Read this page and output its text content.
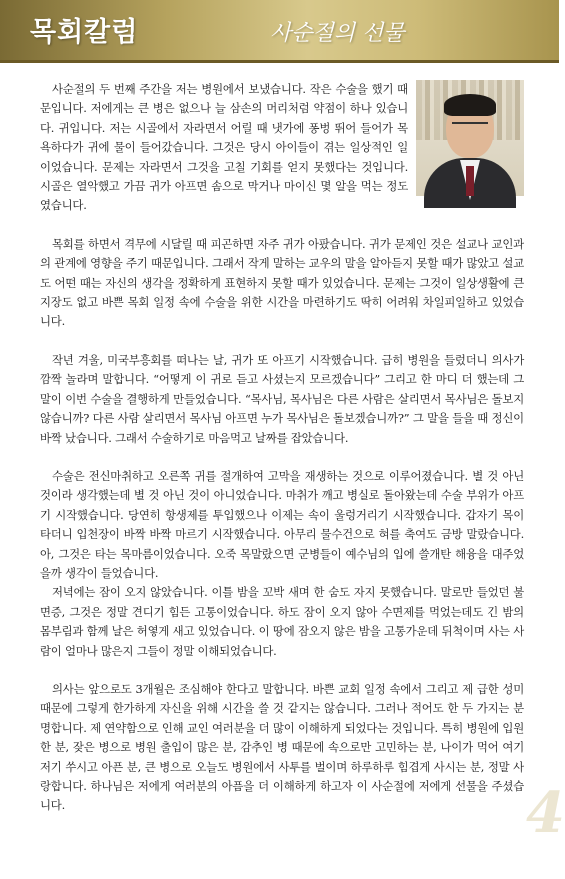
목회칼럼	사순절의 선물

사순절의 두 번째 주간을 저는 병원에서 보냈습니다. 작은 수술을 했기 때문입니다. 저에게는 큰 병은 없으나 늘 삼손의 머리처럼 약점이 하나 있습니다. 귀입니다. 저는 시골에서 자라면서 어릴 때 냇가에 퐁벙 뛰어 들어가 목욕하다가 귀에 물이 들어갔습니다. 그것은 당시 아이들이 겪는 일상적인 일이었습니다. 문제는 자라면서 그것을 고칠 기회를 얻지 못했다는 것입니다. 시골은 열악했고 가끔 귀가 아프면 솜으로 막거나 마이신 몇 알을 먹는 정도였습니다.

목회를 하면서 격무에 시달릴 때 피곤하면 자주 귀가 아팠습니다. 귀가 문제인 것은 설교나 교인과의 관계에 영향을 주기 때문입니다. 그래서 작게 말하는 교우의 말을 알아듣지 못할 때가 많았고 설교도 어떤 때는 자신의 생각을 정확하게 표현하지 못할 때가 있었습니다. 문제는 그것이 일상생활에 큰 지장도 없고 바쁜 목회 일정 속에 수술을 위한 시간을 마련하기도 딱히 어려워 차일피일하고 있었습니다.

작년 겨울, 미국부흥회를 떠나는 날, 귀가 또 아프기 시작했습니다. 급히 병원을 들렀더니 의사가 깜짝 놀라며 말합니다. “어떻게 이 귀로 듣고 사셨는지 모르겠습니다” 그리고 한 마디 더 했는데 그 말이 이번 수술을 결행하게 만들었습니다. “목사님, 목사님은 다른 사람은 살리면서 목사님은 돌보지 않습니까? 다른 사람 살리면서 목사님 아프면 누가 목사님은 돌보겠습니까?” 그 말을 들을 때 정신이 바짝 났습니다. 그래서 수술하기로 마음먹고 날짜를 잡았습니다.

수술은 전신마취하고 오른쪽 귀를 절개하여 고막을 재생하는 것으로 이루어졌습니다. 별 것 아닌 것이라 생각했는데 별 것 아닌 것이 아니었습니다. 마취가 깨고 병실로 돌아왔는데 수술 부위가 아프기 시작했습니다. 당연히 항생제를 투입했으나 이제는 속이 울렁거리기 시작했습니다. 갑자기 목이 타더니 입천장이 바짝 바짝 마르기 시작했습니다. 아무리 물수건으로 혀를 축여도 금방 말랐습니다. 아, 그것은 타는 목마름이었습니다. 오죽 목말랐으면 군병들이 예수님의 입에 쓸개탄 해융을 대주었을까 생각이 들었습니다.

저녁에는 잠이 오지 않았습니다. 이틀 밤을 꼬박 새며 한 숨도 자지 못했습니다. 말로만 들었던 불면증, 그것은 정말 견디기 힘든 고통이었습니다. 하도 잠이 오지 않아 수면제를 먹었는데도 긴 밤의 몸부림과 함께 날은 허옇게 새고 있었습니다. 이 땅에 잠오지 않은 밤을 고통가운데 뒤척이며 사는 사람이 얼마나 많은지 그들이 정말 이해되었습니다.

의사는 앞으로도 3개월은 조심해야 한다고 말합니다. 바쁜 교회 일정 속에서 그리고 제 급한 성미 때문에 그렇게 한가하게 자신을 위해 시간을 쓸 것 같지는 않습니다. 그러나 적어도 한 두 가지는 분명합니다. 제 연약함으로 인해 교인 여러분을 더 많이 이해하게 되었다는 것입니다. 특히 병원에 입원한 분, 잦은 병으로 병원 출입이 많은 분, 감추인 병 때문에 속으로만 고민하는 분, 나이가 먹어 여기 저기 쑤시고 아픈 분, 큰 병으로 오늘도 병원에서 사투를 벌이며 하루하루 힘겹게 사시는 분, 정말 사랑합니다. 하나님은 저에게 여러분의 아픔을 더 이해하게 하고자 이 사순절에 저에게 선물을 주셨습니다.	4
